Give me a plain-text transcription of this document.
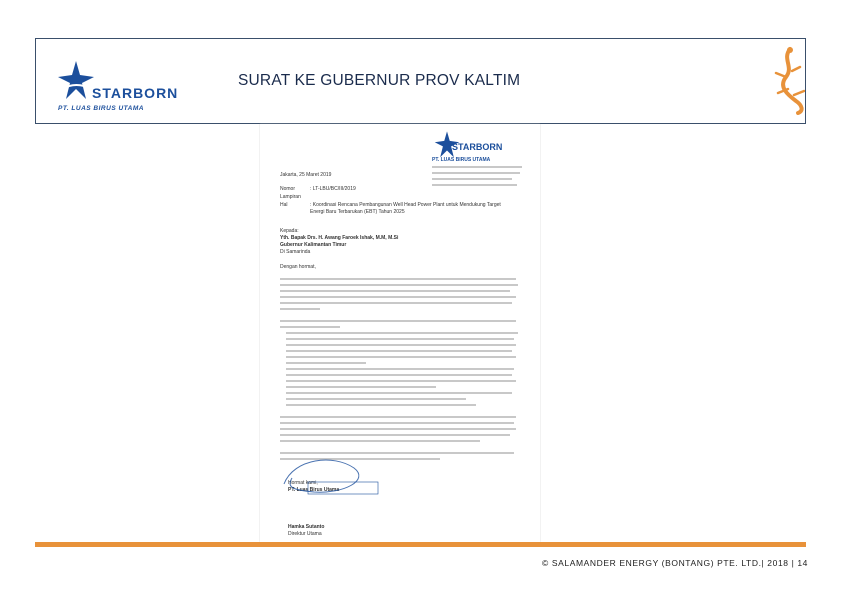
STARBORN
PT. LUAS BIRUS UTAMA
SURAT KE GUBERNUR PROV KALTIM
STARBORN
PT. LUAS BIRUS UTAMA
Jakarta, 25 Maret 2019
Nomor	: LT-LBU/BC/III/2019
Lampiran
Hal	: Koordinasi Rencana Pembangunan Well Head Power Plant untuk Mendukung Target Energi Baru Terbarukan (EBT) Tahun 2025
Kepada:
Yth. Bapak Drs. H. Awang Faroek Ishak, M.M, M.Si
Gubernur Kalimantan Timur
Di Samarinda
Dengan hormat,
Hormat kami,
PT. Luas Birus Utama
Hamka Sutanto
Direktur Utama
© SALAMANDER ENERGY (BONTANG) PTE. LTD.| 2018 | 14
